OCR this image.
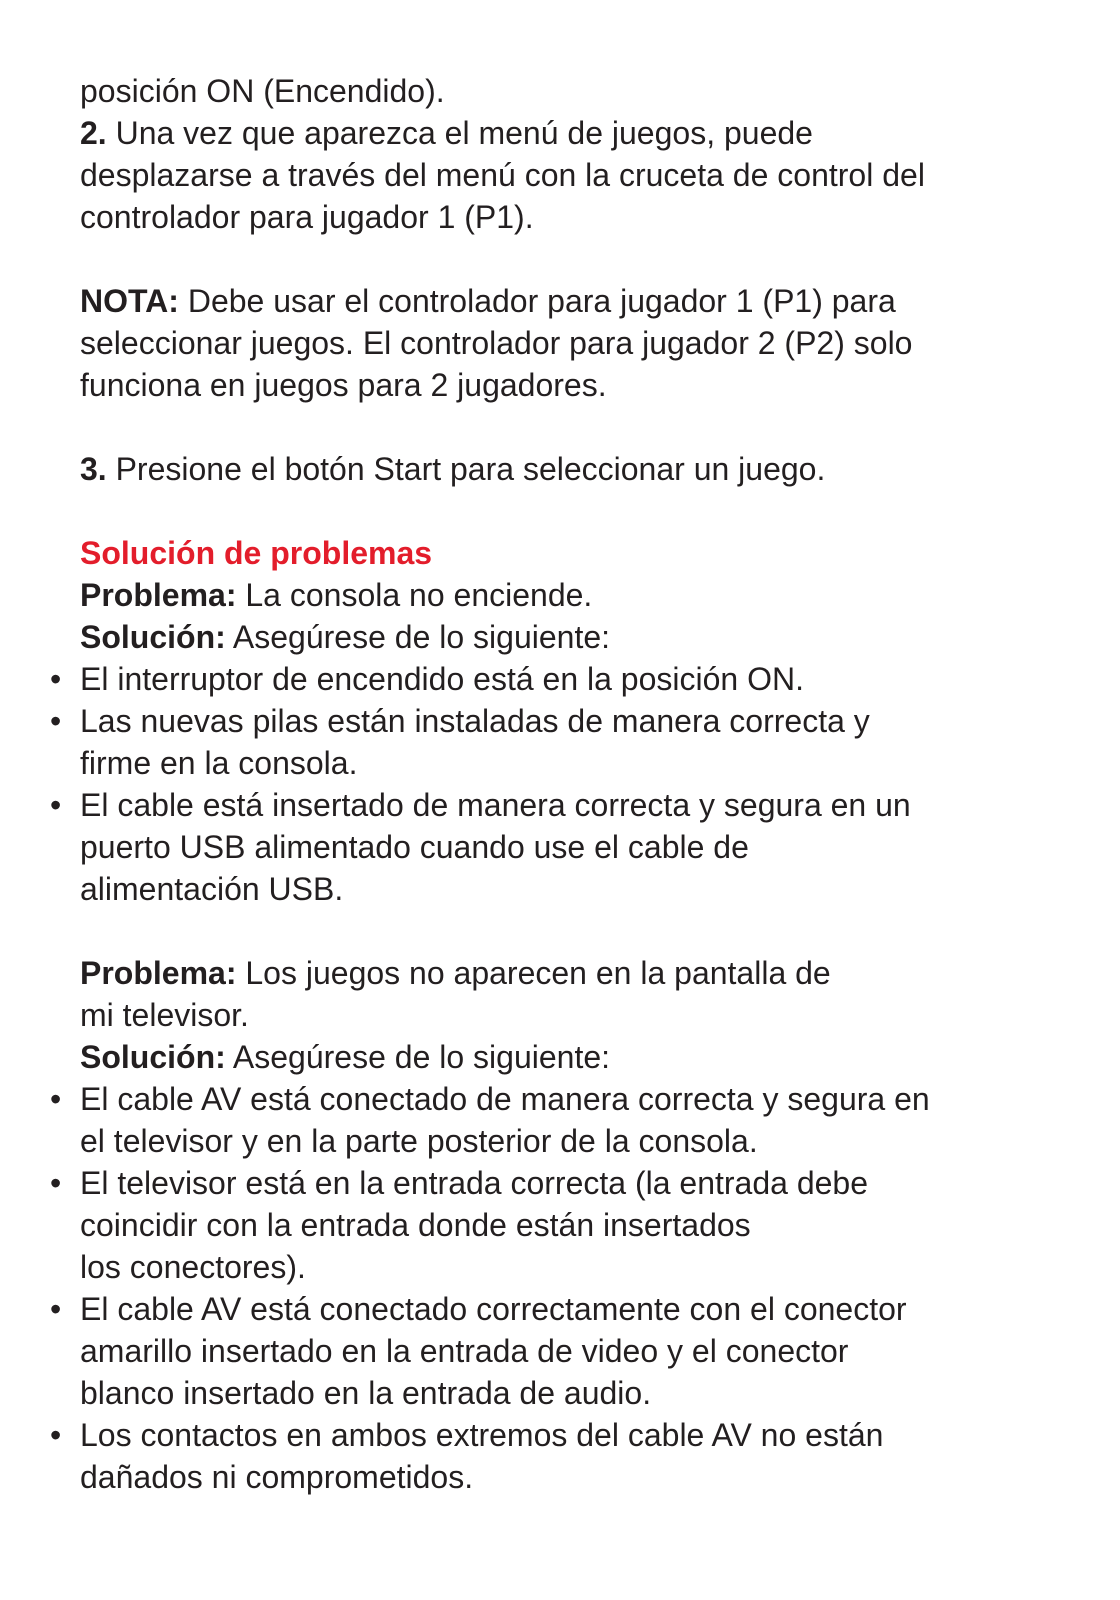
posición ON (Encendido).
2. Una vez que aparezca el menú de juegos, puede
desplazarse a través del menú con la cruceta de control del
controlador para jugador 1 (P1).
NOTA: Debe usar el controlador para jugador 1 (P1) para
seleccionar juegos. El controlador para jugador 2 (P2) solo
funciona en juegos para 2 jugadores.
3. Presione el botón Start para seleccionar un juego.
Solución de problemas
Problema: La consola no enciende.
Solución: Asegúrese de lo siguiente:
• El interruptor de encendido está en la posición ON.
• Las nuevas pilas están instaladas de manera correcta y
firme en la consola.
• El cable está insertado de manera correcta y segura en un
puerto USB alimentado cuando use el cable de
alimentación USB.
Problema: Los juegos no aparecen en la pantalla de
mi televisor.
Solución: Asegúrese de lo siguiente:
• El cable AV está conectado de manera correcta y segura en
el televisor y en la parte posterior de la consola.
• El televisor está en la entrada correcta (la entrada debe
coincidir con la entrada donde están insertados
los conectores).
• El cable AV está conectado correctamente con el conector
amarillo insertado en la entrada de video y el conector
blanco insertado en la entrada de audio.
• Los contactos en ambos extremos del cable AV no están
dañados ni comprometidos.
